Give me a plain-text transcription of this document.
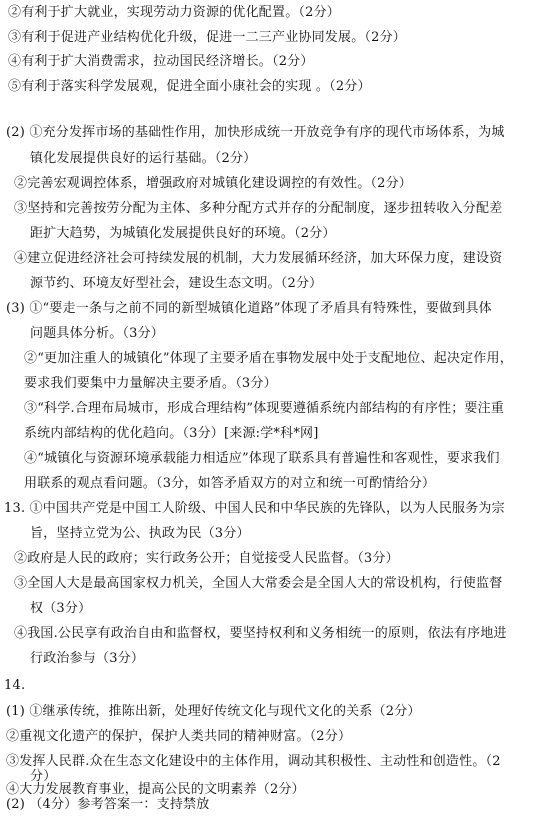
②有利于扩大就业，实现劳动力资源的优化配置。（2分）
③有利于促进产业结构优化升级，促进一二三产业协同发展。（2分）
④有利于扩大消费需求，拉动国民经济增长。（2分）
⑤有利于落实科学发展观，促进全面小康社会的实现 。（2分）
(2) ①充分发挥市场的基础性作用，加快形成统一开放竞争有序的现代市场体系，为城
镇化发展提供良好的运行基础。（2分）
②完善宏观调控体系，增强政府对城镇化建设调控的有效性。（2分）
③坚持和完善按劳分配为主体、多种分配方式并存的分配制度，逐步扭转收入分配差
距扩大趋势，为城镇化发展提供良好的环境。（2分）
④建立促进经济社会可持续发展的机制，大力发展循环经济，加大环保力度，建设资
源节约、环境友好型社会，建设生态文明。（2分）
(3) ①“要走一条与之前不同的新型城镇化道路”体现了矛盾具有特殊性，要做到具体
问题具体分析。（3分）
②“更加注重人的城镇化”体现了主要矛盾在事物发展中处于支配地位、起决定作用，
要求我们要集中力量解决主要矛盾。（3分）
③“科学.合理布局城市，形成合理结构”体现要遵循系统内部结构的有序性；要注重
系统内部结构的优化趋向。（3分）[来源:学*科*网]
④“城镇化与资源环境承载能力相适应”体现了联系具有普遍性和客观性，要求我们
用联系的观点看问题。（3分，如答矛盾双方的对立和统一可酌情给分）
13. ①中国共产党是中国工人阶级、中国人民和中华民族的先锋队，以为人民服务为宗
旨，坚持立党为公、执政为民（3分）
②政府是人民的政府；实行政务公开；自觉接受人民监督。（3分）
③全国人大是最高国家权力机关，全国人大常委会是全国人大的常设机构，行使监督
权（3分）
④我国.公民享有政治自由和监督权，要坚持权利和义务相统一的原则，依法有序地进
行政治参与（3分）
14.
(1) ①继承传统，推陈出新，处理好传统文化与现代文化的关系（2分）
②重视文化遗产的保护，保护人类共同的精神财富。（2分）
③发挥人民群.众在生态文化建设中的主体作用，调动其积极性、主动性和创造性。（2
分）
④大力发展教育事业，提高公民的文明素养（2分）
(2) （4分）参考答案一：支持禁放
